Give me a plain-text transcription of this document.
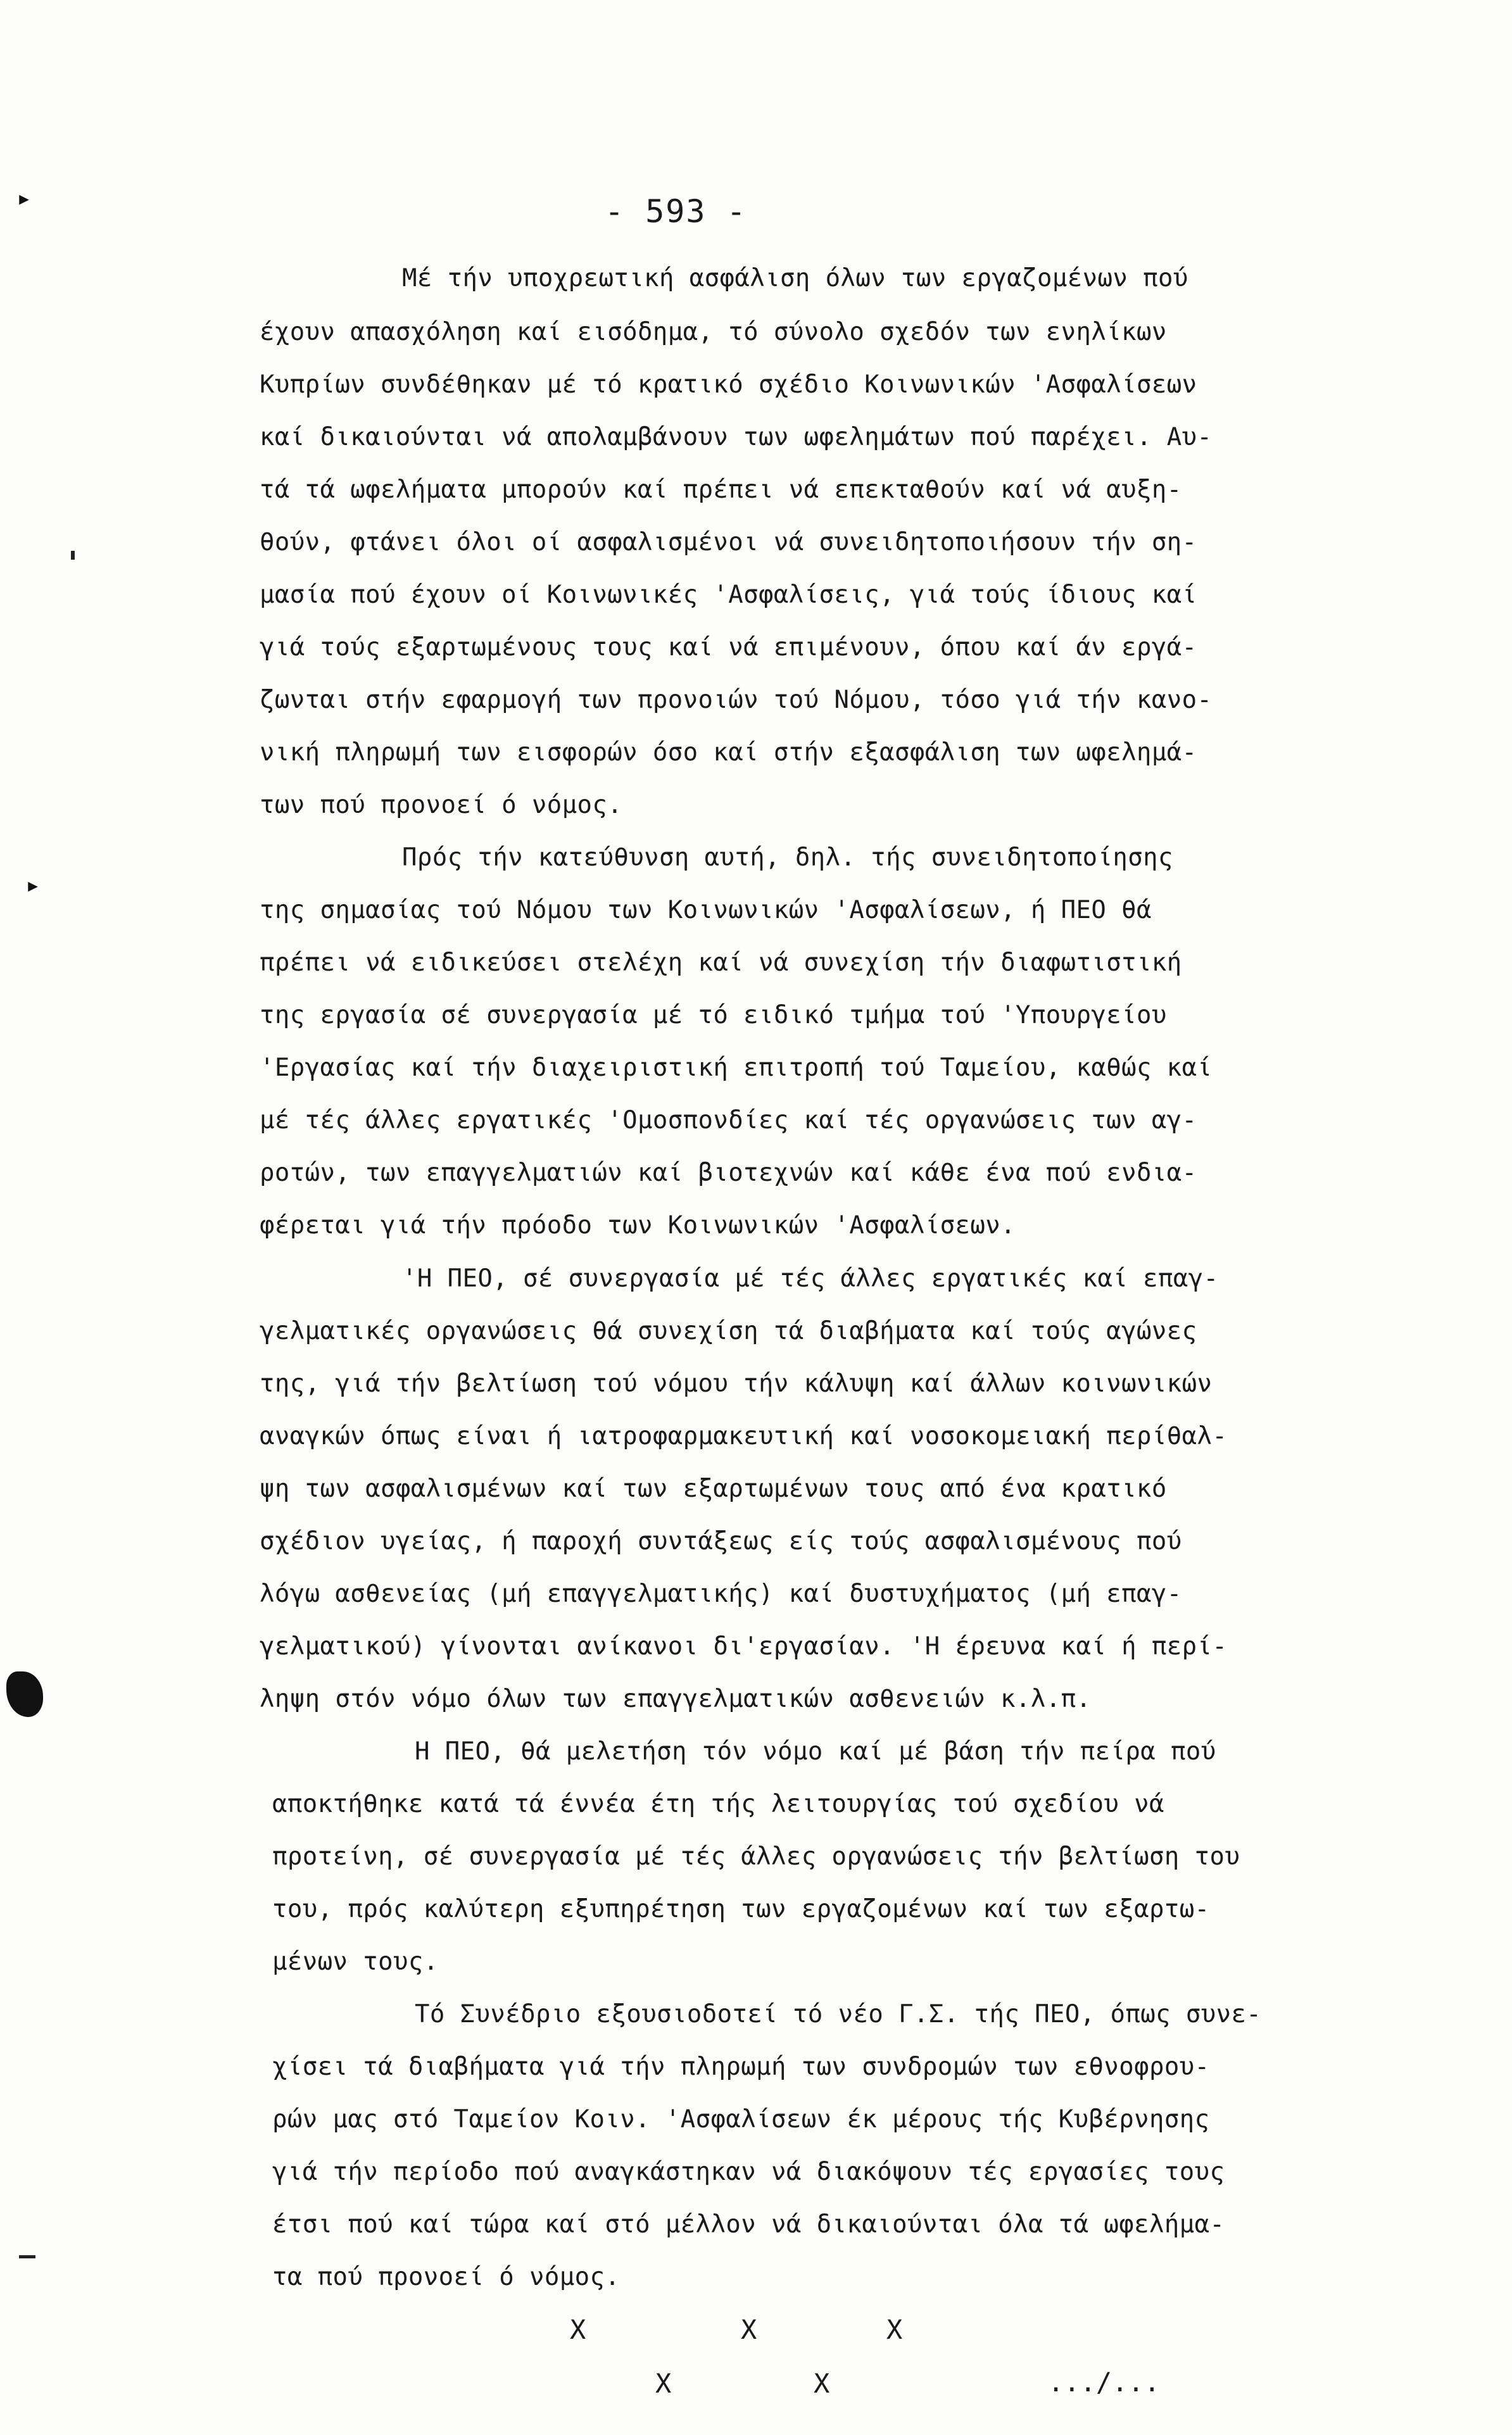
▸
▸
- 593 -
Μέ τήν υποχρεωτική ασφάλιση όλων των εργαζομένων πού
έχουν απασχόληση καί εισόδημα, τό σύνολο σχεδόν των ενηλίκων
Κυπρίων συνδέθηκαν μέ τό κρατικό σχέδιο Κοινωνικών 'Ασφαλίσεων
καί δικαιούνται νά απολαμβάνουν των ωφελημάτων πού παρέχει. Αυ-
τά τά ωφελήματα μπορούν καί πρέπει νά επεκταθούν καί νά αυξη-
θούν, φτάνει όλοι οί ασφαλισμένοι νά συνειδητοποιήσουν τήν ση-
μασία πού έχουν οί Κοινωνικές 'Ασφαλίσεις, γιά τούς ίδιους καί
γιά τούς εξαρτωμένους τους καί νά επιμένουν, όπου καί άν εργά-
ζωνται στήν εφαρμογή των προνοιών τού Νόμου, τόσο γιά τήν κανο-
νική πληρωμή των εισφορών όσο καί στήν εξασφάλιση των ωφελημά-
των πού προνοεί ό νόμος.
Πρός τήν κατεύθυνση αυτή, δηλ. τής συνειδητοποίησης
της σημασίας τού Νόμου των Κοινωνικών 'Ασφαλίσεων, ή ΠΕΟ θά
πρέπει νά ειδικεύσει στελέχη καί νά συνεχίση τήν διαφωτιστική
της εργασία σέ συνεργασία μέ τό ειδικό τμήμα τού 'Υπουργείου
'Εργασίας καί τήν διαχειριστική επιτροπή τού Ταμείου, καθώς καί
μέ τές άλλες εργατικές 'Ομοσπονδίες καί τές οργανώσεις των αγ-
ροτών, των επαγγελματιών καί βιοτεχνών καί κάθε ένα πού ενδια-
φέρεται γιά τήν πρόοδο των Κοινωνικών 'Ασφαλίσεων.
'Η ΠΕΟ, σέ συνεργασία μέ τές άλλες εργατικές καί επαγ-
γελματικές οργανώσεις θά συνεχίση τά διαβήματα καί τούς αγώνες
της, γιά τήν βελτίωση τού νόμου τήν κάλυψη καί άλλων κοινωνικών
αναγκών όπως είναι ή ιατροφαρμακευτική καί νοσοκομειακή περίθαλ-
ψη των ασφαλισμένων καί των εξαρτωμένων τους από ένα κρατικό
σχέδιον υγείας, ή παροχή συντάξεως είς τούς ασφαλισμένους πού
λόγω ασθενείας (μή επαγγελματικής) καί δυστυχήματος (μή επαγ-
γελματικού) γίνονται ανίκανοι δι'εργασίαν. 'Η έρευνα καί ή περί-
ληψη στόν νόμο όλων των επαγγελματικών ασθενειών κ.λ.π.
Η ΠΕΟ, θά μελετήση τόν νόμο καί μέ βάση τήν πείρα πού
αποκτήθηκε κατά τά έννέα έτη τής λειτουργίας τού σχεδίου νά
προτείνη, σέ συνεργασία μέ τές άλλες οργανώσεις τήν βελτίωση του
του, πρός καλύτερη εξυπηρέτηση των εργαζομένων καί των εξαρτω-
μένων τους.
Τό Συνέδριο εξουσιοδοτεί τό νέο Γ.Σ. τής ΠΕΟ, όπως συνε-
χίσει τά διαβήματα γιά τήν πληρωμή των συνδρομών των εθνοφρου-
ρών μας στό Ταμείον Κοιν. 'Ασφαλίσεων έκ μέρους τής Κυβέρνησης
γιά τήν περίοδο πού αναγκάστηκαν νά διακόψουν τές εργασίες τους
έτσι πού καί τώρα καί στό μέλλον νά δικαιούνται όλα τά ωφελήμα-
τα πού προνοεί ό νόμος.
Χ	Χ	Χ
Χ	Χ	.../...
